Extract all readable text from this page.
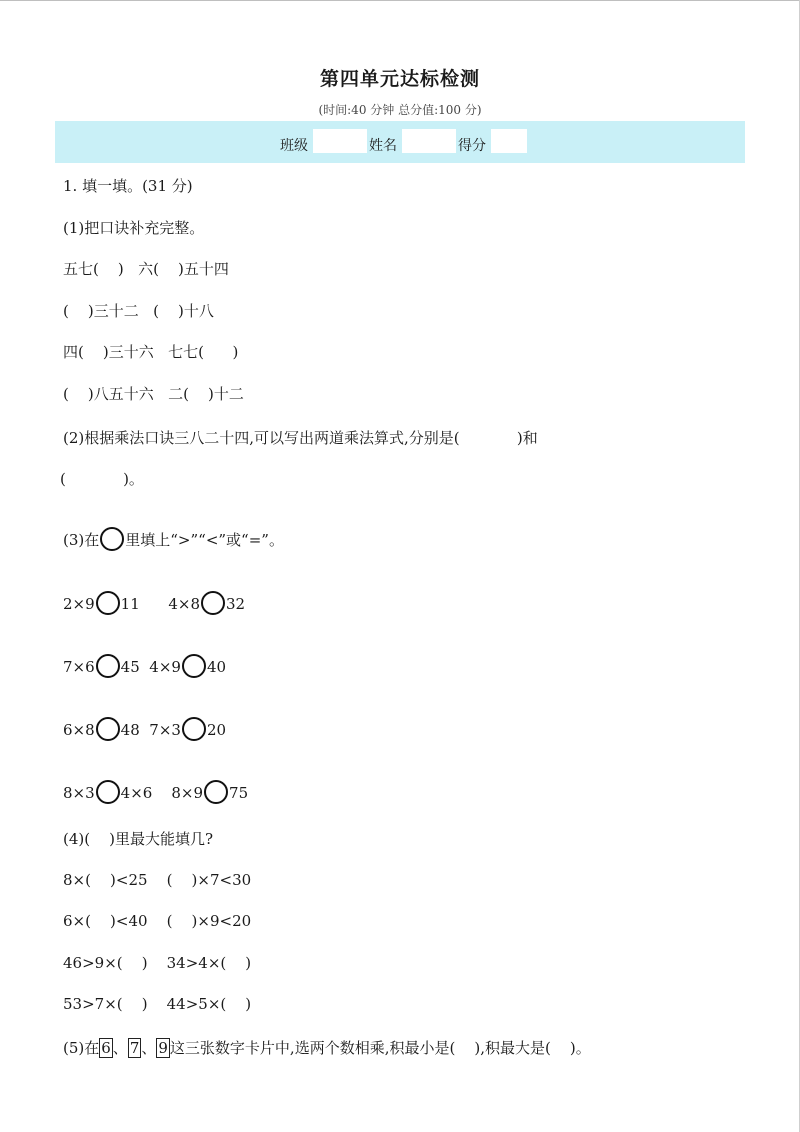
第四单元达标检测
(时间:40 分钟 总分值:100 分)
班级	姓名	得分
1. 填一填。(31 分)
(1)把口诀补充完整。
五七(    )   六(    )五十四
(    )三十二   (    )十八
四(    )三十六   七七(      )
(    )八五十六   二(    )十二
(2)根据乘法口诀三八二十四,可以写出两道乘法算式,分别是(            )和
(            )。
(3)在 里填上“>”“<”或“=”。
2×9 11      4×8 32
7×6 45  4×9 40
6×8 48  7×3 20
8×3 4×6    8×9 75
(4)(    )里最大能填几?
8×(    )<25    (    )×7<30
6×(    )<40    (    )×9<20
46>9×(    )    34>4×(    )
53>7×(    )    44>5×(    )
(5)在 6 、 7 、 9 这三张数字卡片中,选两个数相乘,积最小是(    ),积最大是(    )。
